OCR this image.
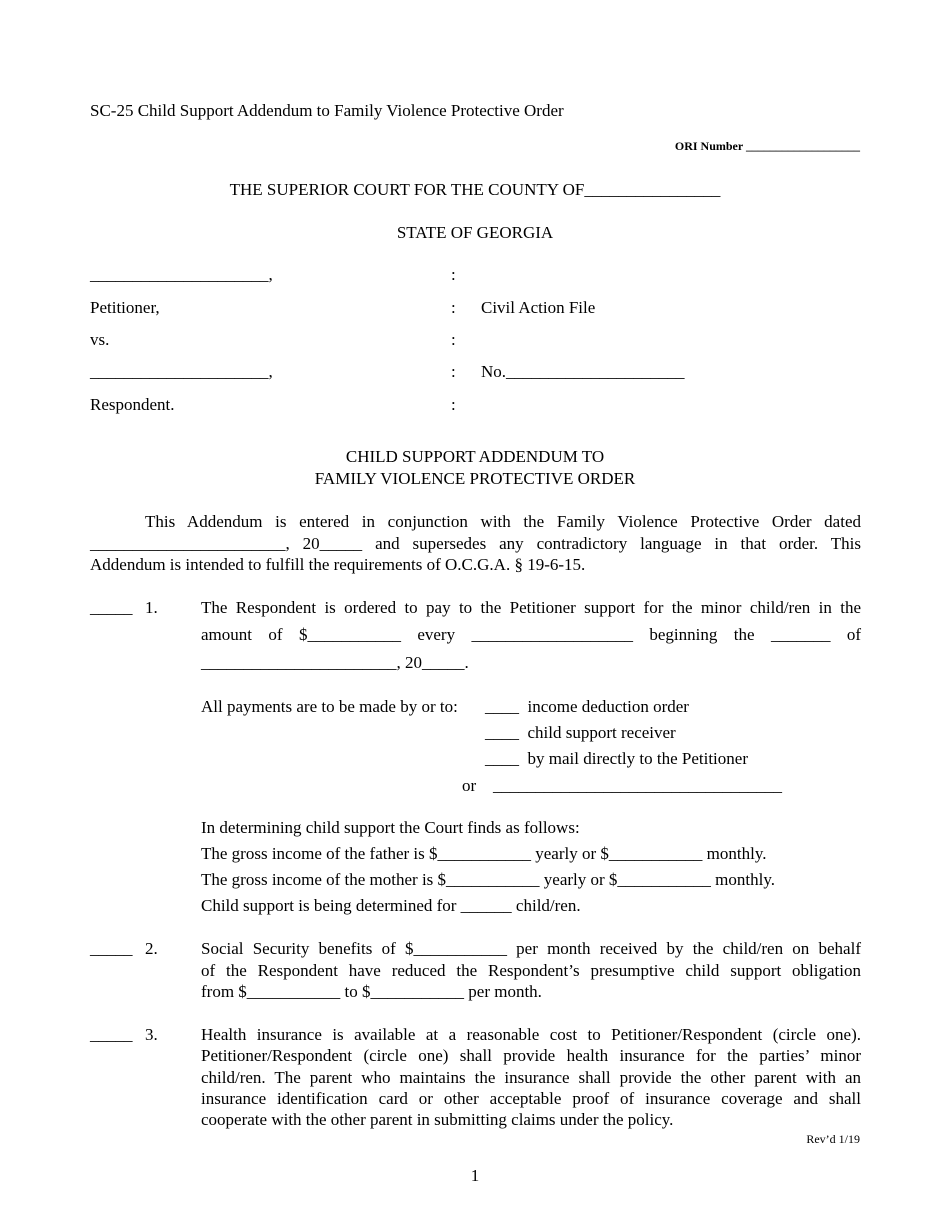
SC-25 Child Support Addendum to Family Violence Protective Order
ORI Number ___________________
THE SUPERIOR COURT FOR THE COUNTY OF________________
STATE OF GEORGIA
_____________________,	:
Petitioner,	: Civil Action File
vs.	:
_____________________,	: No._____________________
Respondent.	:
CHILD SUPPORT ADDENDUM TO
FAMILY VIOLENCE PROTECTIVE ORDER
This Addendum is entered in conjunction with the Family Violence Protective Order dated
_______________________, 20_____ and supersedes any contradictory language in that order. This
Addendum is intended to fulfill the requirements of O.C.G.A. § 19-6-15.
_____ 1.	The Respondent is ordered to pay to the Petitioner support for the minor child/ren in the
amount of $___________ every ___________________ beginning the _______ of
_______________________, 20_____.
All payments are to be made by or to: ____  income deduction order
____  child support receiver
____  by mail directly to the Petitioner
or __________________________________
In determining child support the Court finds as follows:
The gross income of the father is $___________ yearly or $___________ monthly.
The gross income of the mother is $___________ yearly or $___________ monthly.
Child support is being determined for ______ child/ren.
_____ 2.	Social Security benefits of $___________ per month received by the child/ren on behalf
of the Respondent have reduced the Respondent’s presumptive child support obligation
from $___________ to $___________ per month.
_____ 3.	Health insurance is available at a reasonable cost to Petitioner/Respondent (circle one).
Petitioner/Respondent (circle one) shall provide health insurance for the parties’ minor
child/ren. The parent who maintains the insurance shall provide the other parent with an
insurance identification card or other acceptable proof of insurance coverage and shall
cooperate with the other parent in submitting claims under the policy.
Rev’d 1/19
1
